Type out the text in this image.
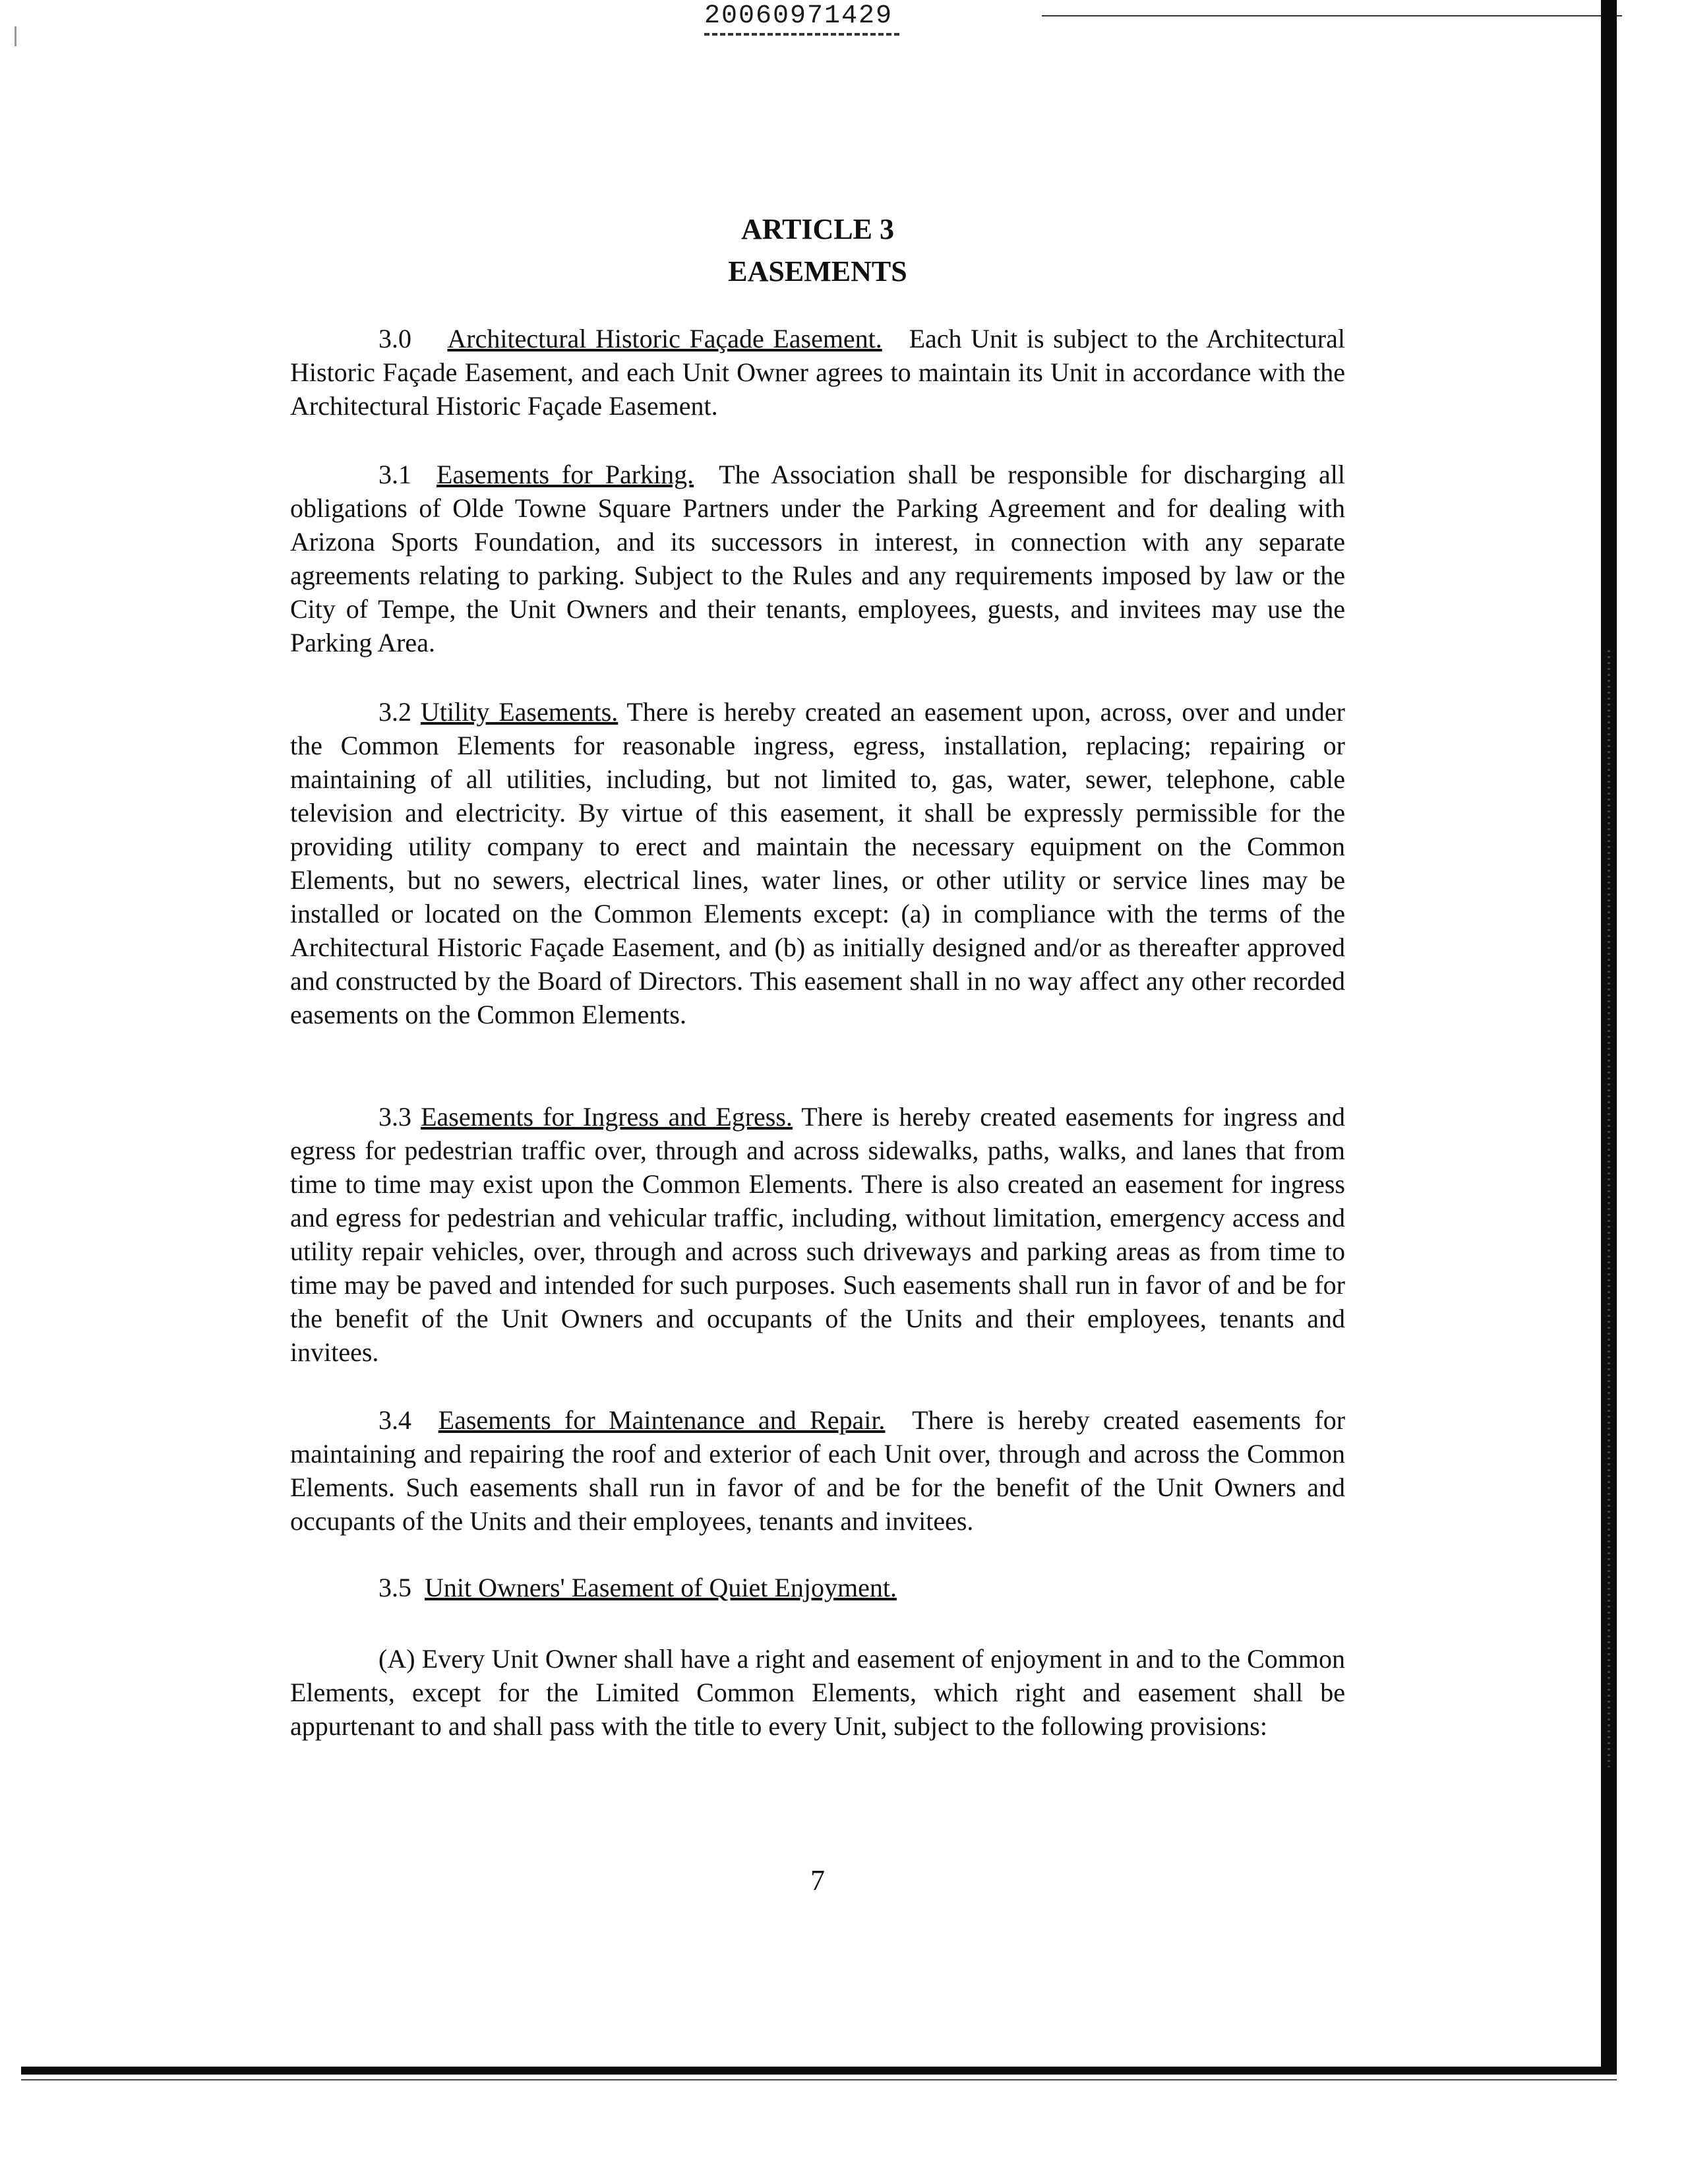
20060971429
ARTICLE 3
EASEMENTS

3.0 Architectural Historic Façade Easement. Each Unit is subject to the Architectural Historic Façade Easement, and each Unit Owner agrees to maintain its Unit in accordance with the Architectural Historic Façade Easement.

3.1 Easements for Parking. The Association shall be responsible for discharging all obligations of Olde Towne Square Partners under the Parking Agreement and for dealing with Arizona Sports Foundation, and its successors in interest, in connection with any separate agreements relating to parking. Subject to the Rules and any requirements imposed by law or the City of Tempe, the Unit Owners and their tenants, employees, guests, and invitees may use the Parking Area.

3.2 Utility Easements. There is hereby created an easement upon, across, over and under the Common Elements for reasonable ingress, egress, installation, replacing; repairing or maintaining of all utilities, including, but not limited to, gas, water, sewer, telephone, cable television and electricity. By virtue of this easement, it shall be expressly permissible for the providing utility company to erect and maintain the necessary equipment on the Common Elements, but no sewers, electrical lines, water lines, or other utility or service lines may be installed or located on the Common Elements except: (a) in compliance with the terms of the Architectural Historic Façade Easement, and (b) as initially designed and/or as thereafter approved and constructed by the Board of Directors. This easement shall in no way affect any other recorded easements on the Common Elements.

3.3 Easements for Ingress and Egress. There is hereby created easements for ingress and egress for pedestrian traffic over, through and across sidewalks, paths, walks, and lanes that from time to time may exist upon the Common Elements. There is also created an easement for ingress and egress for pedestrian and vehicular traffic, including, without limitation, emergency access and utility repair vehicles, over, through and across such driveways and parking areas as from time to time may be paved and intended for such purposes. Such easements shall run in favor of and be for the benefit of the Unit Owners and occupants of the Units and their employees, tenants and invitees.

3.4 Easements for Maintenance and Repair. There is hereby created easements for maintaining and repairing the roof and exterior of each Unit over, through and across the Common Elements. Such easements shall run in favor of and be for the benefit of the Unit Owners and occupants of the Units and their employees, tenants and invitees.

3.5 Unit Owners' Easement of Quiet Enjoyment.

(A) Every Unit Owner shall have a right and easement of enjoyment in and to the Common Elements, except for the Limited Common Elements, which right and easement shall be appurtenant to and shall pass with the title to every Unit, subject to the following provisions:

7
